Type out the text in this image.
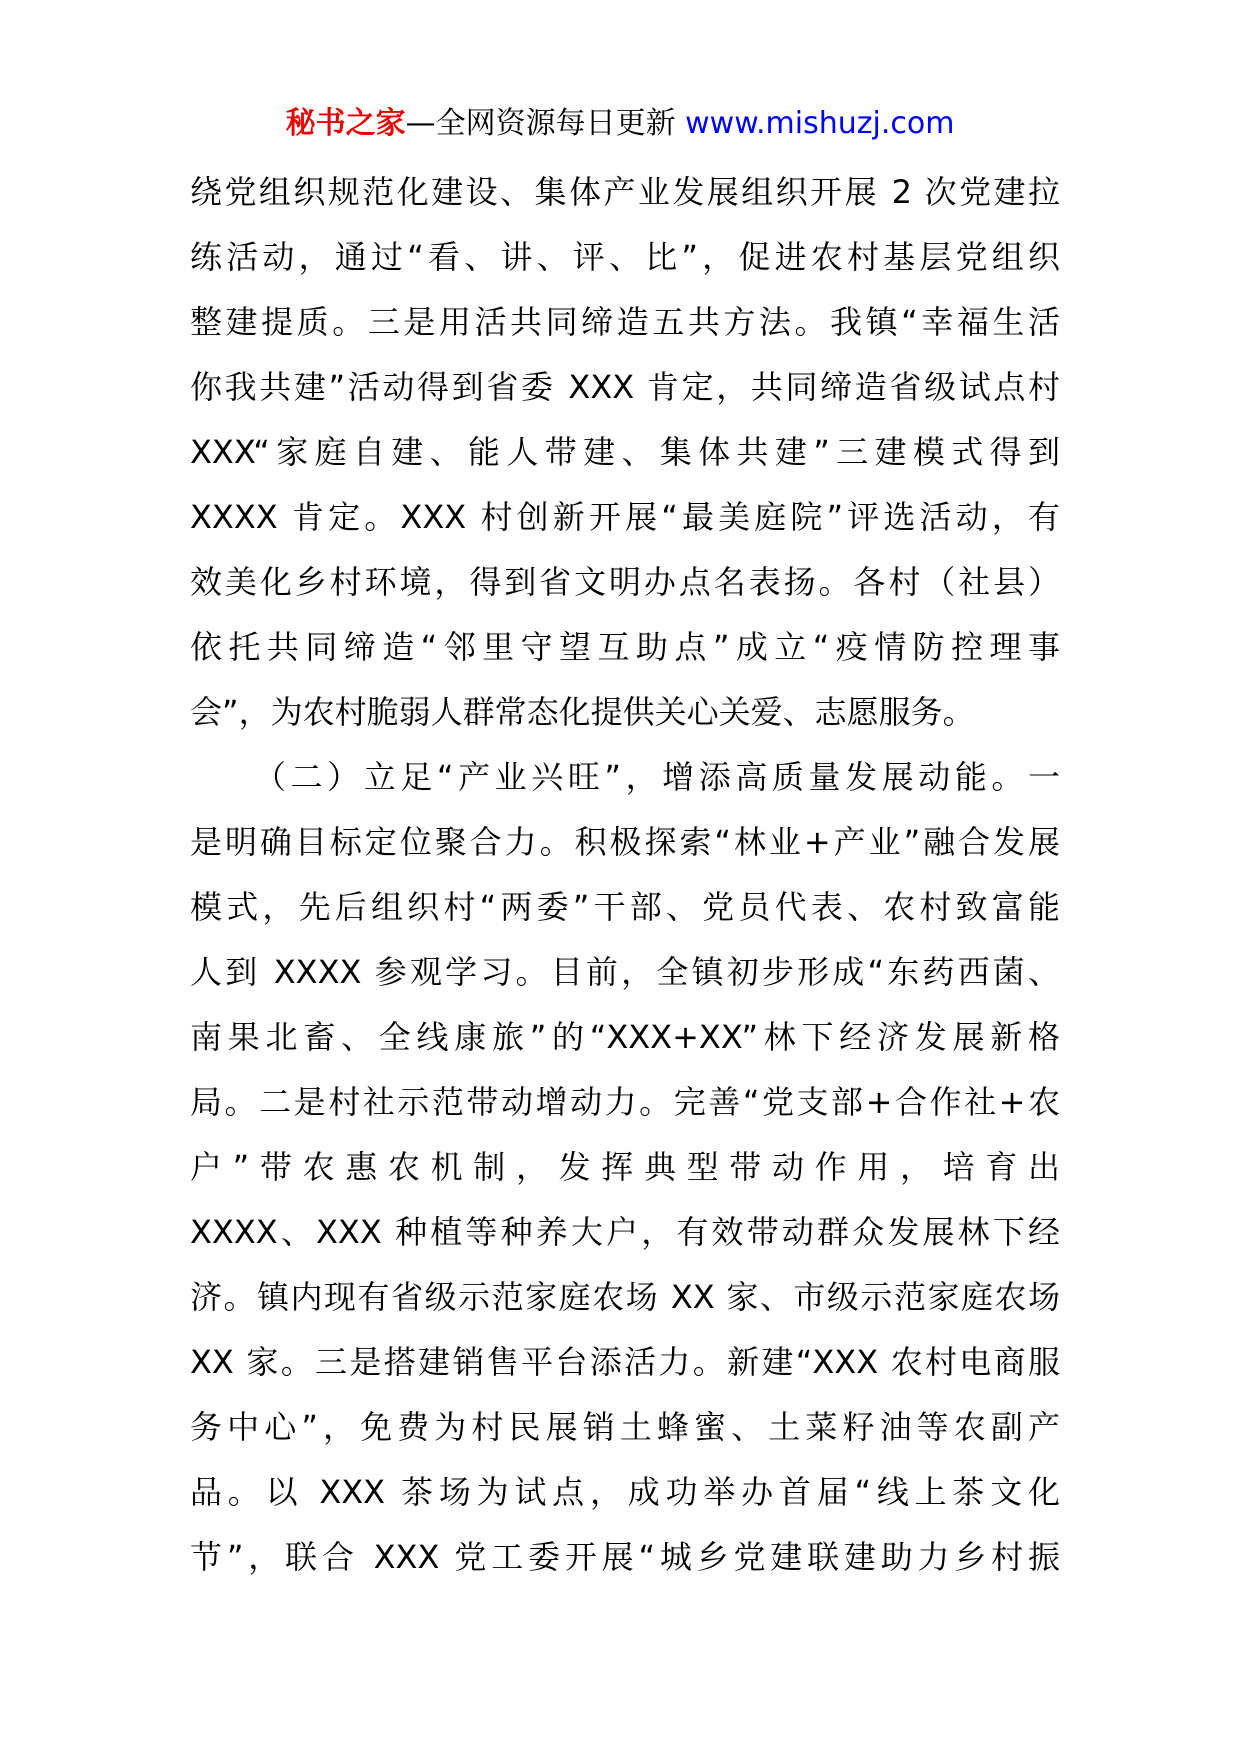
秘书之家—全网资源每日更新 www.mishuzj.com
绕党组织规范化建设、集体产业发展组织开展 2 次党建拉
练活动，通过“看、讲、评、比”，促进农村基层党组织
整建提质。三是用活共同缔造五共方法。我镇“幸福生活
你我共建”活动得到省委 XXX 肯定，共同缔造省级试点村
XXX“家庭自建、能人带建、集体共建”三建模式得到
XXXX 肯定。XXX 村创新开展“最美庭院”评选活动，有
效美化乡村环境，得到省文明办点名表扬。各村（社县）
依托共同缔造“邻里守望互助点”成立“疫情防控理事
会”，为农村脆弱人群常态化提供关心关爱、志愿服务。
（二）立足“产业兴旺”，增添高质量发展动能。一
是明确目标定位聚合力。积极探索“林业+产业”融合发展
模式，先后组织村“两委”干部、党员代表、农村致富能
人到 XXXX 参观学习。目前，全镇初步形成“东药西菌、
南果北畜、全线康旅”的“XXX+XX”林下经济发展新格
局。二是村社示范带动增动力。完善“党支部+合作社+农
户”带农惠农机制，发挥典型带动作用，培育出
XXXX、XXX 种植等种养大户，有效带动群众发展林下经
济。镇内现有省级示范家庭农场 XX 家、市级示范家庭农场
XX 家。三是搭建销售平台添活力。新建“XXX 农村电商服
务中心”，免费为村民展销土蜂蜜、土菜籽油等农副产
品。以 XXX 茶场为试点，成功举办首届“线上茶文化
节”，联合 XXX 党工委开展“城乡党建联建助力乡村振
